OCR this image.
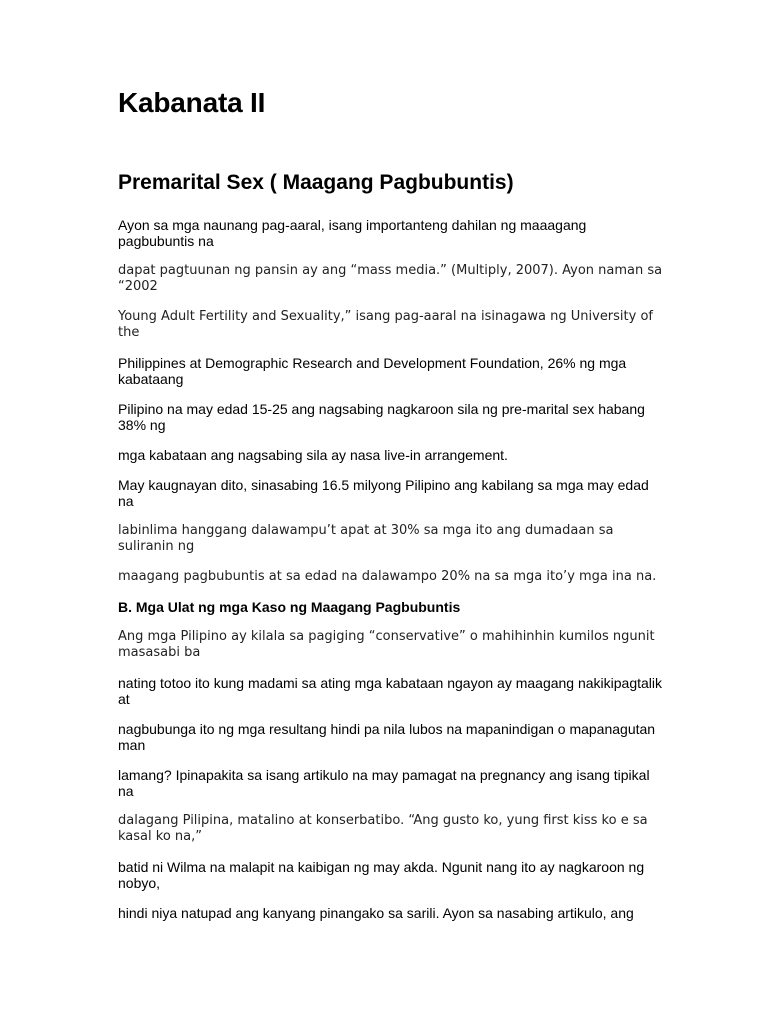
Kabanata II
Premarital Sex ( Maagang Pagbubuntis)

Ayon sa mga naunang pag-aaral, isang importanteng dahilan ng maaagang pagbubuntis na

dapat pagtuunan ng pansin ay ang “mass media.” (Multiply, 2007). Ayon naman sa “2002

Young Adult Fertility and Sexuality,” isang pag-aaral na isinagawa ng University of the

Philippines at Demographic Research and Development Foundation, 26% ng mga kabataang

Pilipino na may edad 15-25 ang nagsabing nagkaroon sila ng pre-marital sex habang 38% ng

mga kabataan ang nagsabing sila ay nasa live-in arrangement.

May kaugnayan dito, sinasabing 16.5 milyong Pilipino ang kabilang sa mga may edad na

labinlima hanggang dalawampu’t apat at 30% sa mga ito ang dumadaan sa suliranin ng

maagang pagbubuntis at sa edad na dalawampo 20% na sa mga ito’y mga ina na.

B. Mga Ulat ng mga Kaso ng Maagang Pagbubuntis

Ang mga Pilipino ay kilala sa pagiging “conservative” o mahihinhin kumilos ngunit masasabi ba

nating totoo ito kung madami sa ating mga kabataan ngayon ay maagang nakikipagtalik at

nagbubunga ito ng mga resultang hindi pa nila lubos na mapanindigan o mapanagutan man

lamang? Ipinapakita sa isang artikulo na may pamagat na pregnancy ang isang tipikal na

dalagang Pilipina, matalino at konserbatibo. “Ang gusto ko, yung first kiss ko e sa kasal ko na,”

batid ni Wilma na malapit na kaibigan ng may akda. Ngunit nang ito ay nagkaroon ng nobyo,

hindi niya natupad ang kanyang pinangako sa sarili. Ayon sa nasabing artikulo, ang
